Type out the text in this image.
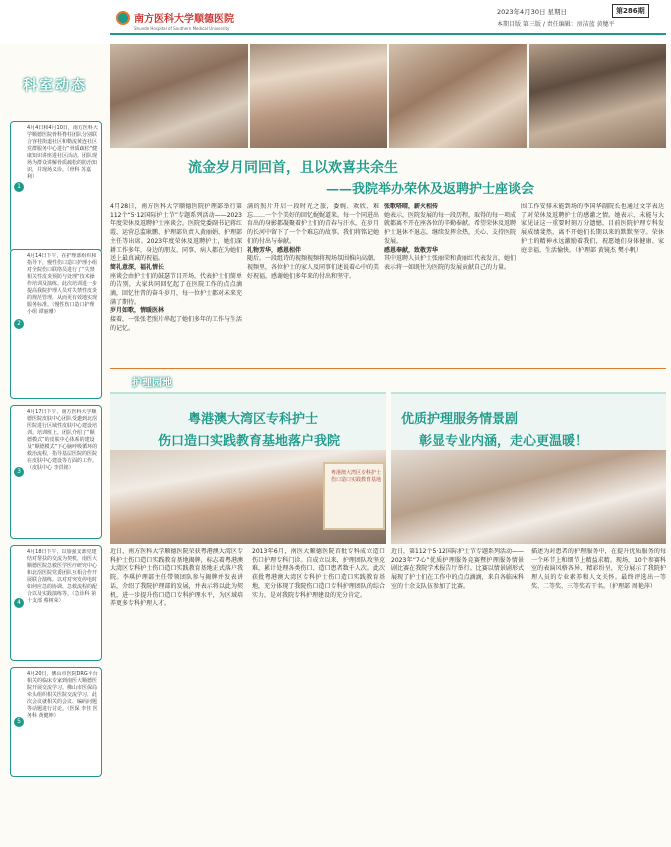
南方医科大学顺德医院
Shunde Hospital of Southern Medical University
2023年4月30日 星期日	第286期
本期目版 第三版 / 责任编辑：房洁蓝 黄穗平
科室动态
1
4月4日和4月10日，南方医科大学顺德医院骨科脊柱团队分别联合容桂街道社区和勒流黄连社区党群服务中心进行“骨质疏松”健康知识讲座进社区活动。团队现场为群众讲解骨质疏松的防治知识，并现场义诊。（骨科 苏嘉利）
2
4月14日下午，在护理部组织和指导下，慢性伤口造口护理小组对全院伤口联络员进行了“失禁相关性皮炎预防与处理”技术操作培训及演练。此次培训进一步提高我院护理人员对失禁性皮炎的规范管理，从而更有效地实现服务标准。（慢性伤口造口护理小组 谭丽珊）
3
4月17日下午，南方医科大学顺德医院皮肤中心团队受邀到北滘医院进行区域性皮肤中心建设培训。培训班上，团队介绍了“顺德模式”的皮肤中心体系的建设及“顺德模式”下心脑呼吸循环的救治流程，指导基层医院的医院在皮肤中心建设等方面的工作。（皮肤中心 李洪铭）
4
4月18日下午，以加强支部党建结对帮扶的交流为契机，南医大顺德医院急救医学医疗研究中心和北滘医院党委团队互相合作开展联合演练。以对对突发停电时如何应急的协调、急救流程的配合以及实践演练等。（急诊科 第十支部 蔡树荣）
5
4月20日，佛山市医院DRG平台相关的临床专家到南医大顺德医院开展交流学习。佛山市医保局牵头组织相关医院交流学习，此次会议就相关的会议、编码问题等话题进行讨论。（医保 李佳 医务科 黄健坤）
流金岁月同回首，且以欢喜共余生
——我院举办荣休及返聘护士座谈会
4月28日，南方医科大学顺德医院护理部举行第112个“5·12国际护士节”专题系列活动——2023年度荣休及返聘护士座谈会。医院党委副书记蒋红霞、运营总监耿鹏、护理部负责人黄丽娟、护理部主任等出席。2023年度荣休及返聘护士，她们深耕工作多年，身边的朋友、同事、病人都在为她们送上最真诚的祝福。
简礼意深，福礼情长
座谈会由护士们的鼓瑟节目开场，代表护士们简单的告别，大家共同回忆起了在医院工作的点点滴滴，回忆往昔的奋斗岁月，每一位护士都对未来充满了期待。
岁月如歌，情暖医林
接着，一张张老照片串起了她们多年的工作与生活的记忆。
满的照片开启一段时光之旅，委婉、欢欣、难忘……一个个美好的回忆娓娓道来。每一个同进出育出的身影都凝聚着护士们的青春与汗水，在岁月的长河中留下了一个个难忘的故事。我们将铭记她们的付出与奉献。
礼物芳华，感恩相伴
随后，一段组诗的视频视频将现场氛围推向高潮。视频里，各位护士的家人及同事们述说着心中的美好祝福，感谢她们多年来的付出和坚守。
张歌嗒晴，薪火相传
她表示，医院发展的每一段历程，取得的每一项成就都离不开在座各位的辛勤奉献。希望荣休及返聘护士退休不退志，继续发挥余热，关心、支持医院发展。
感恩奉献，致敬芳华
其中返聘人员护士张丽荣和黄丽红代表发言，她们表示将一如既往为医院的发展贡献自己的力量。
围工作安排未能到场的李国华副院长也通过文字表达了对荣休及返聘护士的感激之情。她表示，未能与大家见证这一重要时刻万分遗憾，目前医院护理专科发展成绩斐然，离不开她们长期以来的默默坚守。荣休护士的精神永远激励着我们，祝愿她们身体健康、家庭幸福、生活愉快。（护理部 黄镜杰 樊小帆）
护理园地
粤港澳大湾区专科护士
伤口造口实践教育基地落户我院
优质护理服务情景剧
彰显专业内涵，走心更温暖！
粤港澳大湾区专科护士伤口造口实践教育基地
近日，南方医科大学顺德医院荣获粤港澳大湾区专科护士伤口造口实践教育基地揭牌，标志着粤港澳大湾区专科护士伤口造口实践教育基地正式落户我院。李琪护理部主任带领团队参与揭牌并发表讲话，介绍了我院护理部的发展，并表示将以此为契机，进一步提升伤口造口专科护理水平，为区域培养更多专科护理人才。
2013年6月，南医大顺德医院首批专科成立造口伤口护理专科门诊。自成立以来，护理团队攻坚克难，累计处理各类伤口、造口患者数千人次。此次获批粤港澳大湾区专科护士伤口造口实践教育基地，充分体现了我院伤口造口专科护理团队的综合实力，是对我院专科护理建设的充分肯定。
近日，第112个5·12国际护士节专题系列活动——2023年“7心”优质护理服务竞赛暨护理服务情景剧比赛在我院学术报告厅举行。比赛以情景剧形式展现了护士们在工作中的点点滴滴，来自各临床科室的十余支队伍参加了比赛。
描述为对患者的护理服务中，在提升优质服务的每一个环节上和细节上精益求精。现场，10个参赛科室的表演风格各异、精彩纷呈，充分展示了我院护理人员的专业素养和人文关怀。最终评选出一等奖、二等奖、三等奖若干名。（护理部 周艳萍）
